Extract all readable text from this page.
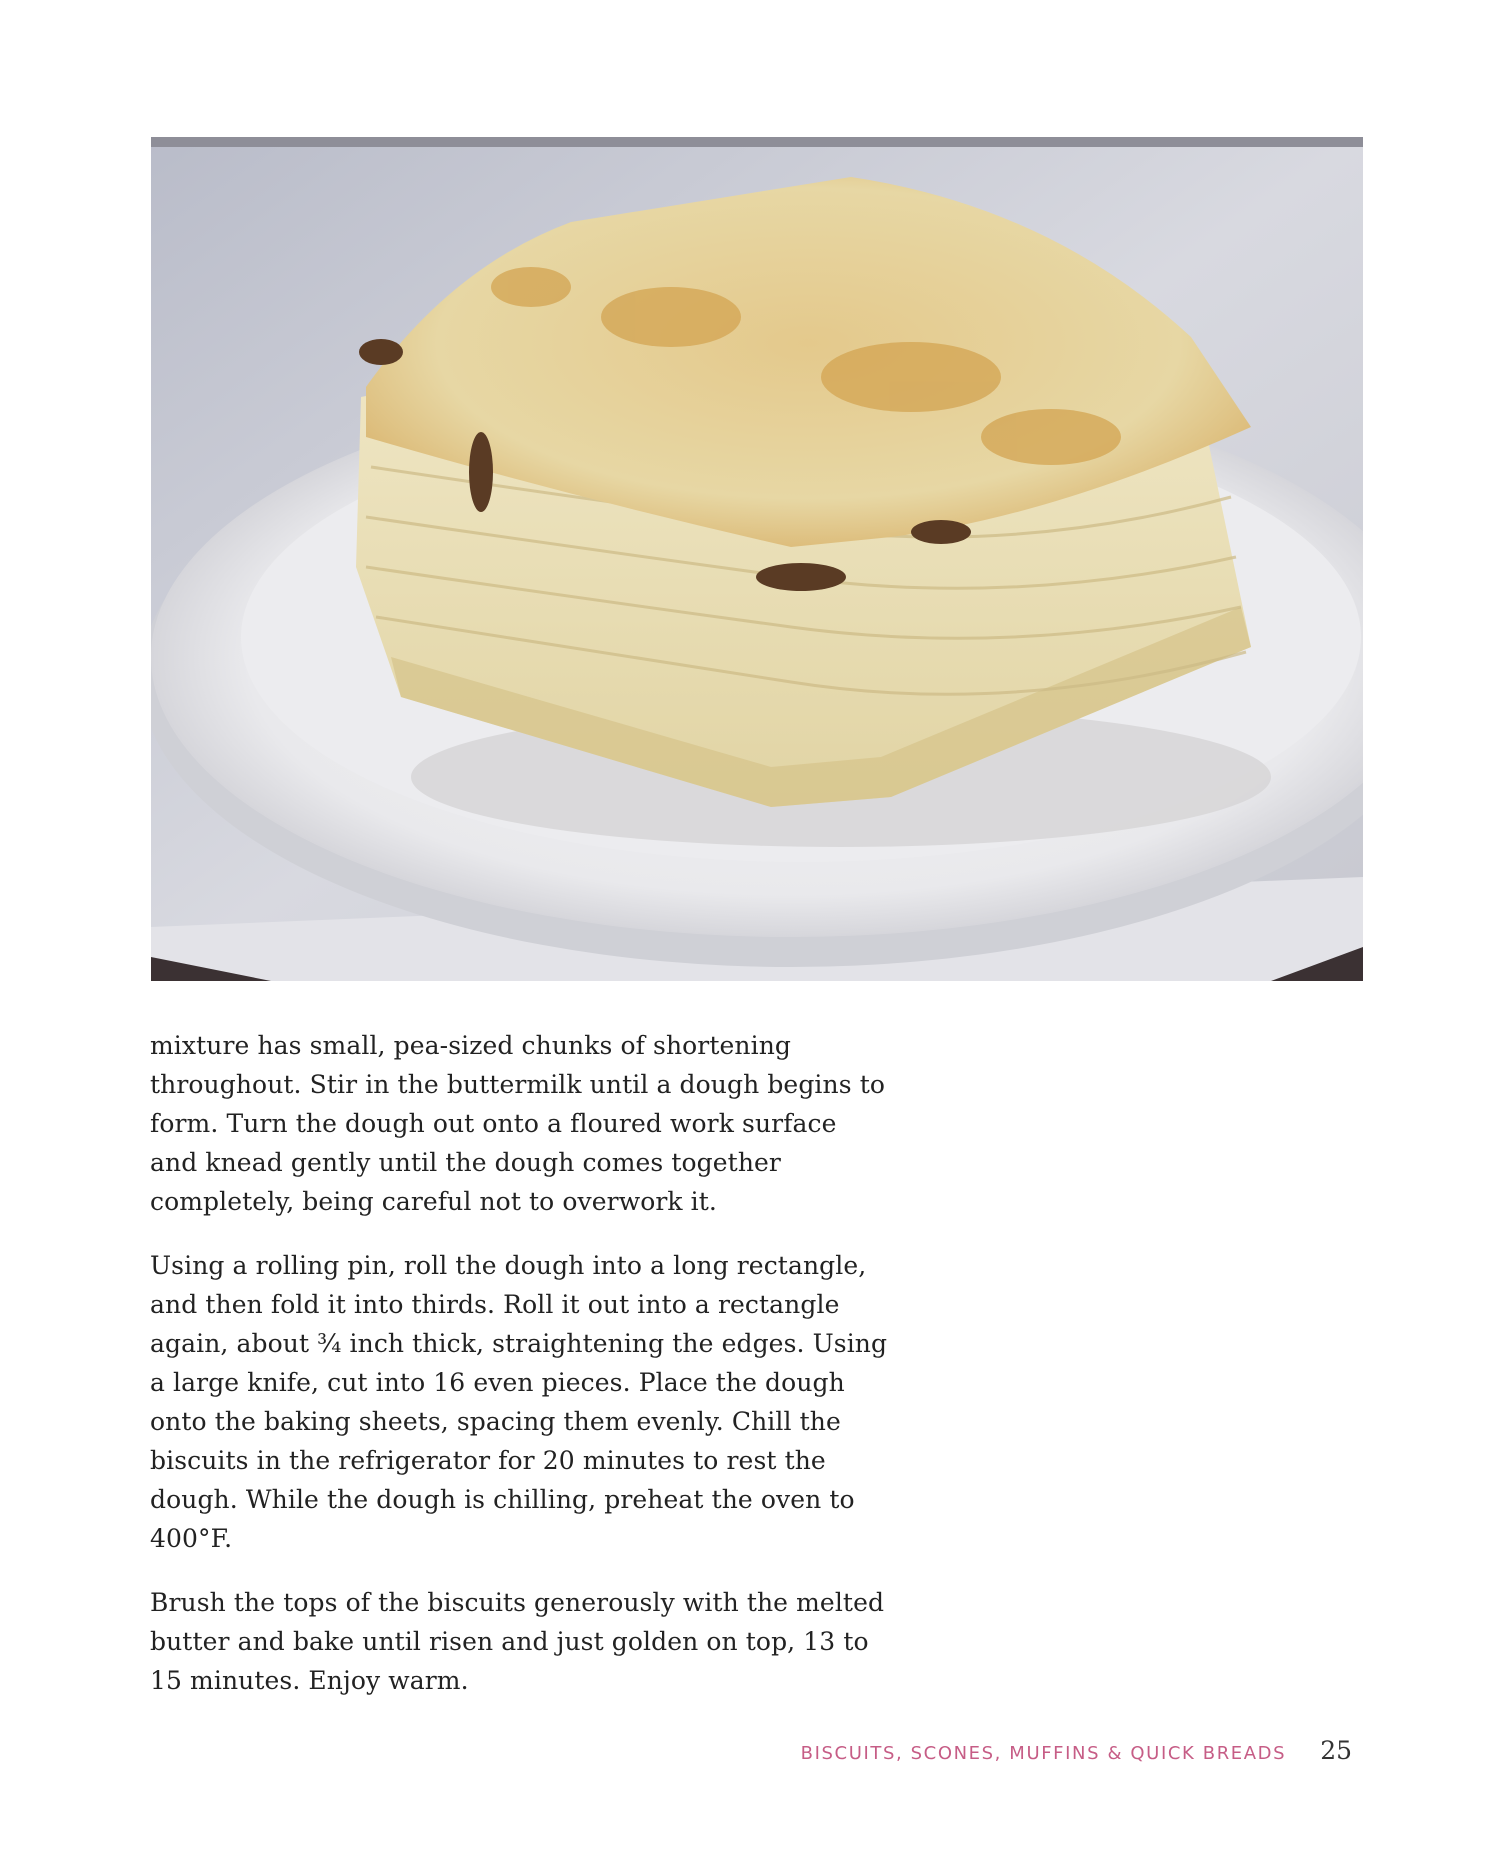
mixture has small, pea-sized chunks of shortening throughout. Stir in the buttermilk until a dough begins to form. Turn the dough out onto a floured work surface and knead gently until the dough comes together completely, being careful not to overwork it.

Using a rolling pin, roll the dough into a long rectangle, and then fold it into thirds. Roll it out into a rectangle again, about ¾ inch thick, straightening the edges. Using a large knife, cut into 16 even pieces. Place the dough onto the baking sheets, spacing them evenly. Chill the biscuits in the refrigerator for 20 minutes to rest the dough. While the dough is chilling, preheat the oven to 400°F.

Brush the tops of the biscuits generously with the melted butter and bake until risen and just golden on top, 13 to 15 minutes. Enjoy warm.

BISCUITS, SCONES, MUFFINS & QUICK BREADS 25
